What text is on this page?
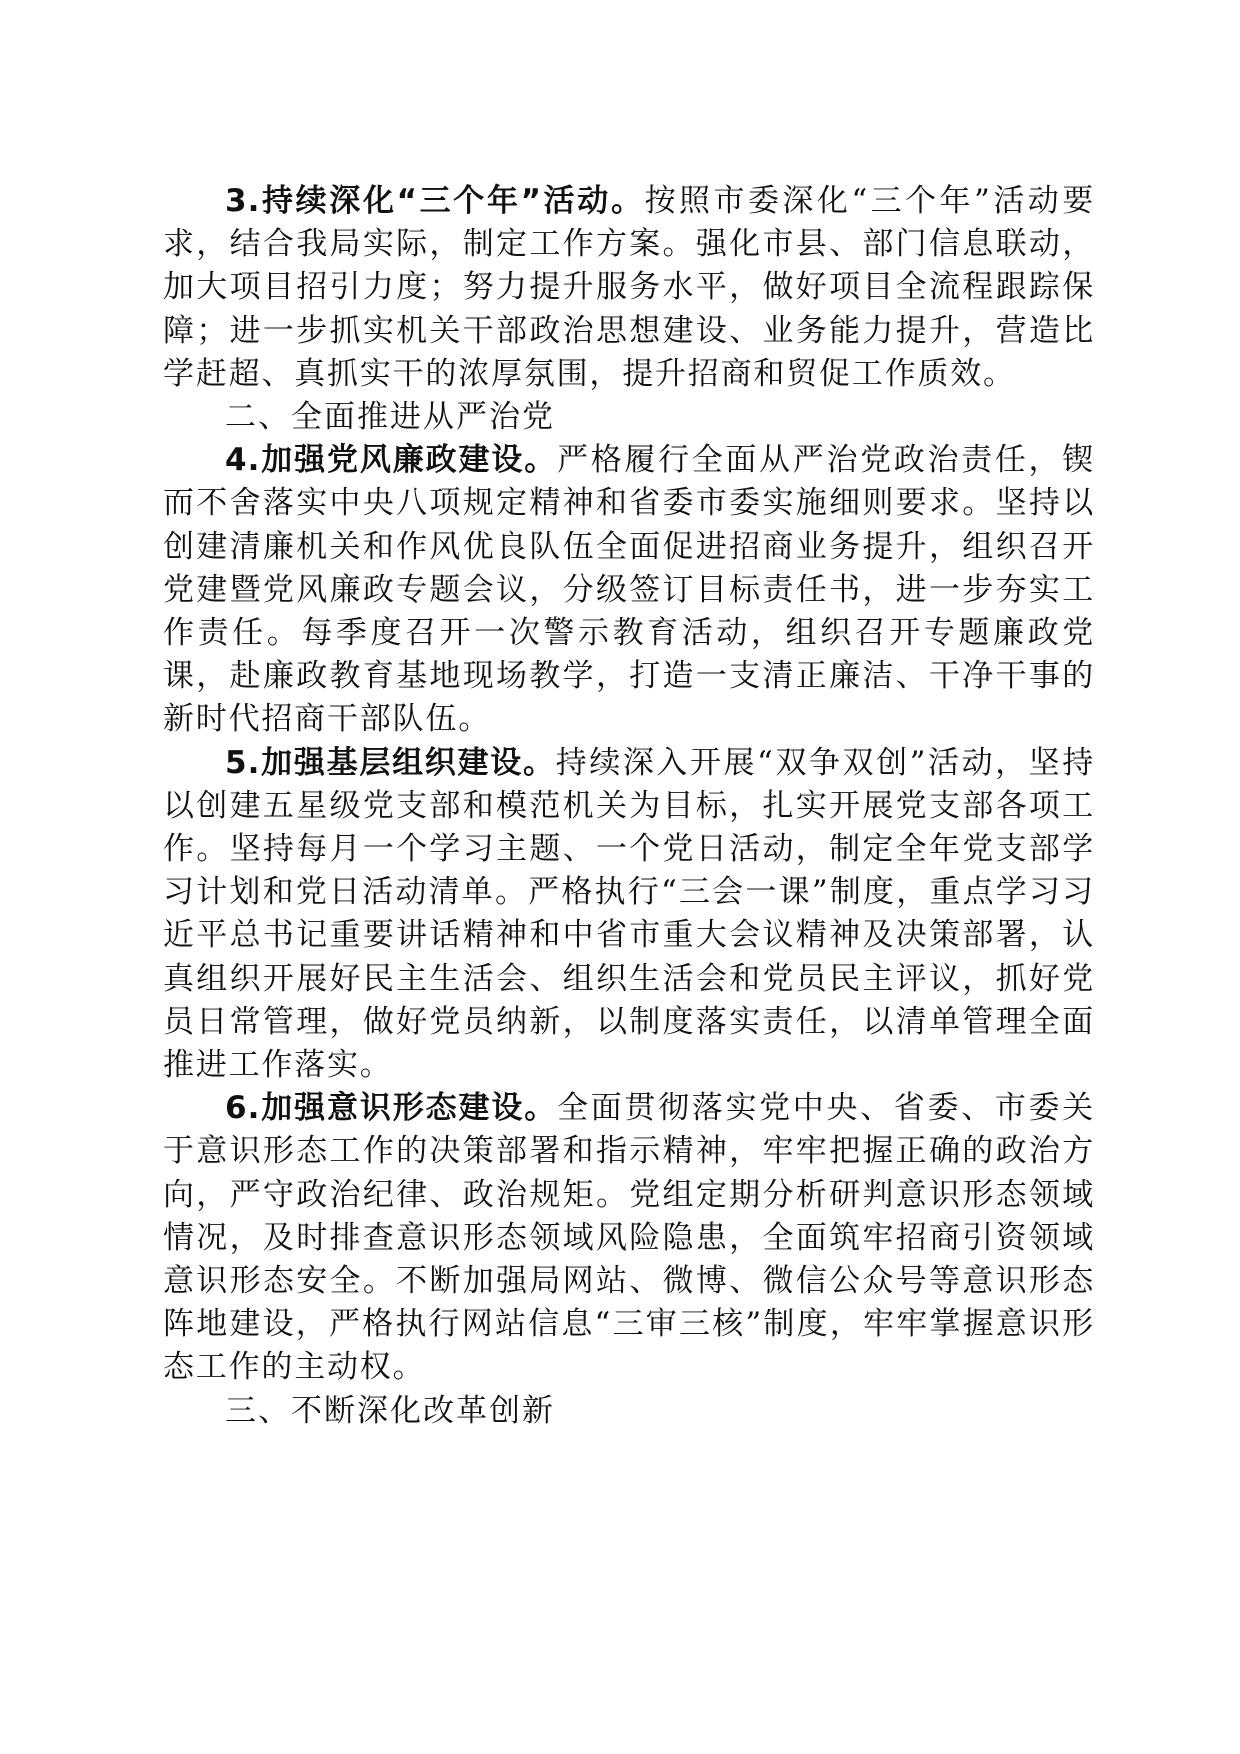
3.持续深化“三个年”活动。按照市委深化“三个年”活动要求，结合我局实际，制定工作方案。强化市县、部门信息联动，加大项目招引力度；努力提升服务水平，做好项目全流程跟踪保障；进一步抓实机关干部政治思想建设、业务能力提升，营造比学赶超、真抓实干的浓厚氛围，提升招商和贸促工作质效。

二、全面推进从严治党

4.加强党风廉政建设。严格履行全面从严治党政治责任，锲而不舍落实中央八项规定精神和省委市委实施细则要求。坚持以创建清廉机关和作风优良队伍全面促进招商业务提升，组织召开党建暨党风廉政专题会议，分级签订目标责任书，进一步夯实工作责任。每季度召开一次警示教育活动，组织召开专题廉政党课，赴廉政教育基地现场教学，打造一支清正廉洁、干净干事的新时代招商干部队伍。

5.加强基层组织建设。持续深入开展“双争双创”活动，坚持以创建五星级党支部和模范机关为目标，扎实开展党支部各项工作。坚持每月一个学习主题、一个党日活动，制定全年党支部学习计划和党日活动清单。严格执行“三会一课”制度，重点学习习近平总书记重要讲话精神和中省市重大会议精神及决策部署，认真组织开展好民主生活会、组织生活会和党员民主评议，抓好党员日常管理，做好党员纳新，以制度落实责任，以清单管理全面推进工作落实。

6.加强意识形态建设。全面贯彻落实党中央、省委、市委关于意识形态工作的决策部署和指示精神，牢牢把握正确的政治方向，严守政治纪律、政治规矩。党组定期分析研判意识形态领域情况，及时排查意识形态领域风险隐患，全面筑牢招商引资领域意识形态安全。不断加强局网站、微博、微信公众号等意识形态阵地建设，严格执行网站信息“三审三核”制度，牢牢掌握意识形态工作的主动权。

三、不断深化改革创新
